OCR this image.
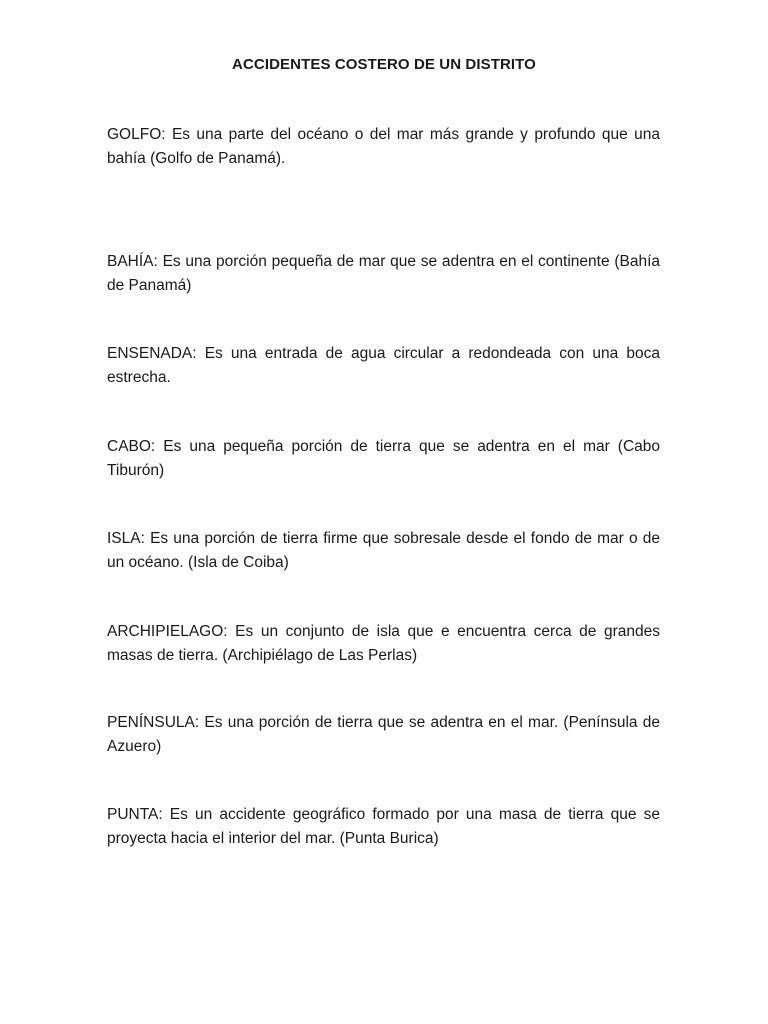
ACCIDENTES COSTERO DE UN DISTRITO

GOLFO: Es una parte del océano o del mar más grande y profundo que una bahía (Golfo de Panamá).

BAHÍA: Es una porción pequeña de mar que se adentra en el continente (Bahía de Panamá)

ENSENADA: Es una entrada de agua circular a redondeada con una boca estrecha.

CABO: Es una pequeña porción de tierra que se adentra en el mar (Cabo Tiburón)

ISLA: Es una porción de tierra firme que sobresale desde el fondo de mar o de un océano. (Isla de Coiba)

ARCHIPIELAGO: Es un conjunto de isla que e encuentra cerca de grandes masas de tierra. (Archipiélago de Las Perlas)

PENÍNSULA: Es una porción de tierra que se adentra en el mar. (Península de Azuero)

PUNTA: Es un accidente geográfico formado por una masa de tierra que se proyecta hacia el interior del mar. (Punta Burica)
